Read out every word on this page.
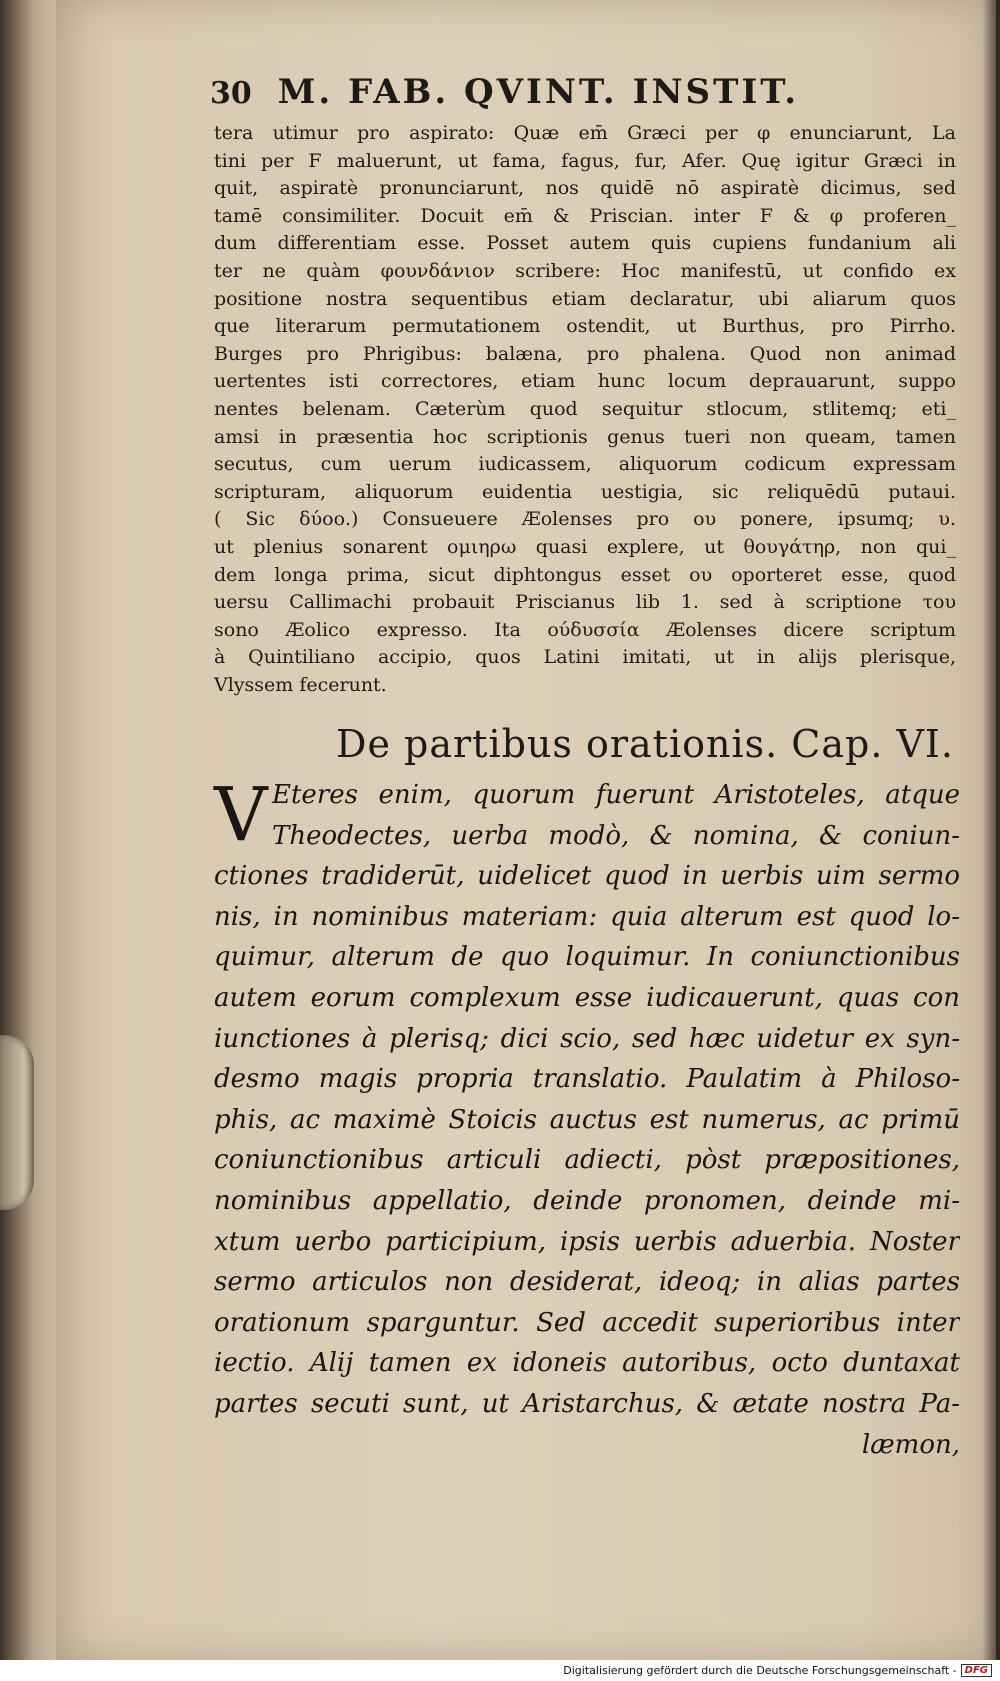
30 M. FAB. QVINT. INSTIT.
tera utimur pro aspirato: Quæ em̄ Græci per φ enunciarunt, La
tini per F maluerunt, ut fama, fagus, fur, Afer. Quę igitur Græci in
quit, aspiratè pronunciarunt, nos quidē nō aspiratè dicimus, sed
tamē consimiliter. Docuit em̄ & Priscian. inter F & φ proferen_
dum differentiam esse. Posset autem quis cupiens fundanium ali
ter ne quàm φουνδάνιον scribere: Hoc manifestū, ut confido ex
positione nostra sequentibus etiam declaratur, ubi aliarum quos
que literarum permutationem ostendit, ut Burthus, pro Pirrho.
Burges pro Phrigibus: balæna, pro phalena. Quod non animad
uertentes isti correctores, etiam hunc locum deprauarunt, suppo
nentes belenam. Cæterùm quod sequitur stlocum, stlitemq; eti_
amsi in præsentia hoc scriptionis genus tueri non queam, tamen
secutus, cum uerum iudicassem, aliquorum codicum expressam
scripturam, aliquorum euidentia uestigia, sic reliquēdū putaui.
( Sic δύοο.) Consueuere Æolenses pro ου ponere, ipsumq; υ.
ut plenius sonarent ομιηρω quasi explere, ut θουγάτηρ, non qui_
dem longa prima, sicut diphtongus esset ου oporteret esse, quod
uersu Callimachi probauit Priscianus lib 1. sed à scriptione του
sono Æolico expresso. Ita ούδυσσία Æolenses dicere scriptum
à Quintiliano accipio, quos Latini imitati, ut in alijs plerisque,
Vlyssem fecerunt.
De partibus orationis. Cap. VI.
V Eteres enim, quorum fuerunt Aristoteles, atque
Theodectes, uerba modò, & nomina, & coniun-
ctiones tradiderūt, uidelicet quod in uerbis uim sermo
nis, in nominibus materiam: quia alterum est quod lo-
quimur, alterum de quo loquimur. In coniunctionibus
autem eorum complexum esse iudicauerunt, quas con
iunctiones à plerisq; dici scio, sed hæc uidetur ex syn-
desmo magis propria translatio. Paulatim à Philoso-
phis, ac maximè Stoicis auctus est numerus, ac primū
coniunctionibus articuli adiecti, pòst præpositiones,
nominibus appellatio, deinde pronomen, deinde mi-
xtum uerbo participium, ipsis uerbis aduerbia. Noster
sermo articulos non desiderat, ideoq; in alias partes
orationum sparguntur. Sed accedit superioribus inter
iectio. Alij tamen ex idoneis autoribus, octo duntaxat
partes secuti sunt, ut Aristarchus, & ætate nostra Pa-
læmon,
Digitalisierung gefördert durch die Deutsche Forschungsgemeinschaft - DFG
